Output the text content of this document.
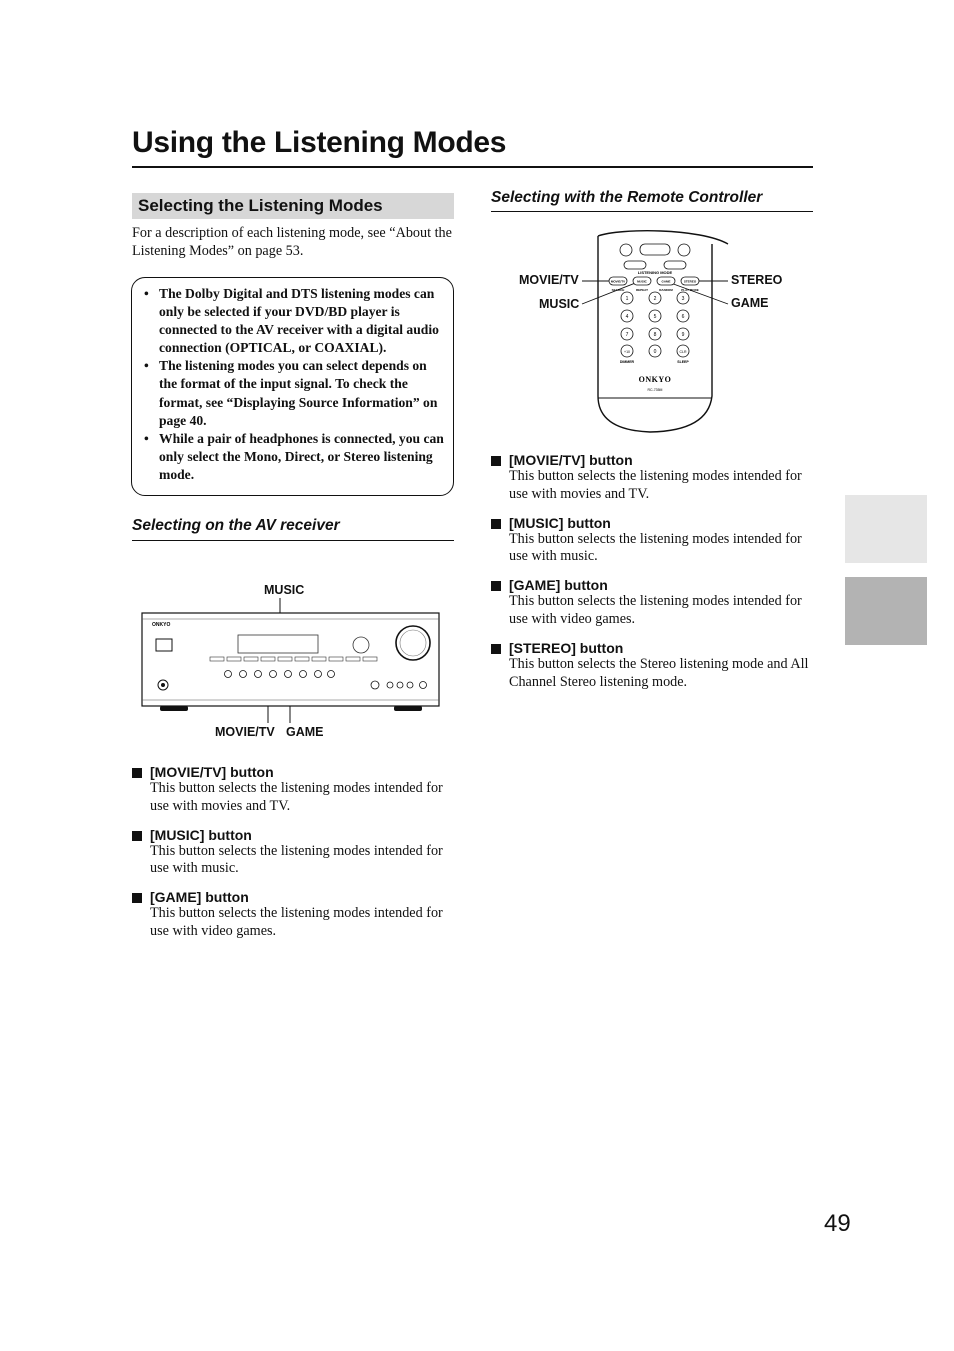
Using the Listening Modes
Selecting the Listening Modes
For a description of each listening mode, see “About the Listening Modes” on page 53.
• The Dolby Digital and DTS listening modes can only be selected if your DVD/BD player is connected to the AV receiver with a digital audio connection (OPTICAL, or COAXIAL).
• The listening modes you can select depends on the format of the input signal. To check the format, see “Displaying Source Information” on page 40.
• While a pair of headphones is connected, you can only select the Mono, Direct, or Stereo listening mode.
Selecting on the AV receiver
MUSIC
MOVIE/TV GAME
ONKYO
[MOVIE/TV] button
This button selects the listening modes intended for use with movies and TV.
[MUSIC] button
This button selects the listening modes intended for use with music.
[GAME] button
This button selects the listening modes intended for use with video games.
Selecting with the Remote Controller
MOVIE/TV
MUSIC
STEREO
GAME
LISTENING MODE
MOVIE/TV	MUSIC	GAME	STEREO
SEARCH	REPEAT	RANDOM	PLAY MODE
1	2	3
4	5	6
7	8	9
+10	0	CLR
DIMMER	SLEEP
ONKYO
RC-735M
[MOVIE/TV] button
This button selects the listening modes intended for use with movies and TV.
[MUSIC] button
This button selects the listening modes intended for use with music.
[GAME] button
This button selects the listening modes intended for use with video games.
[STEREO] button
This button selects the Stereo listening mode and All Channel Stereo listening mode.
49
